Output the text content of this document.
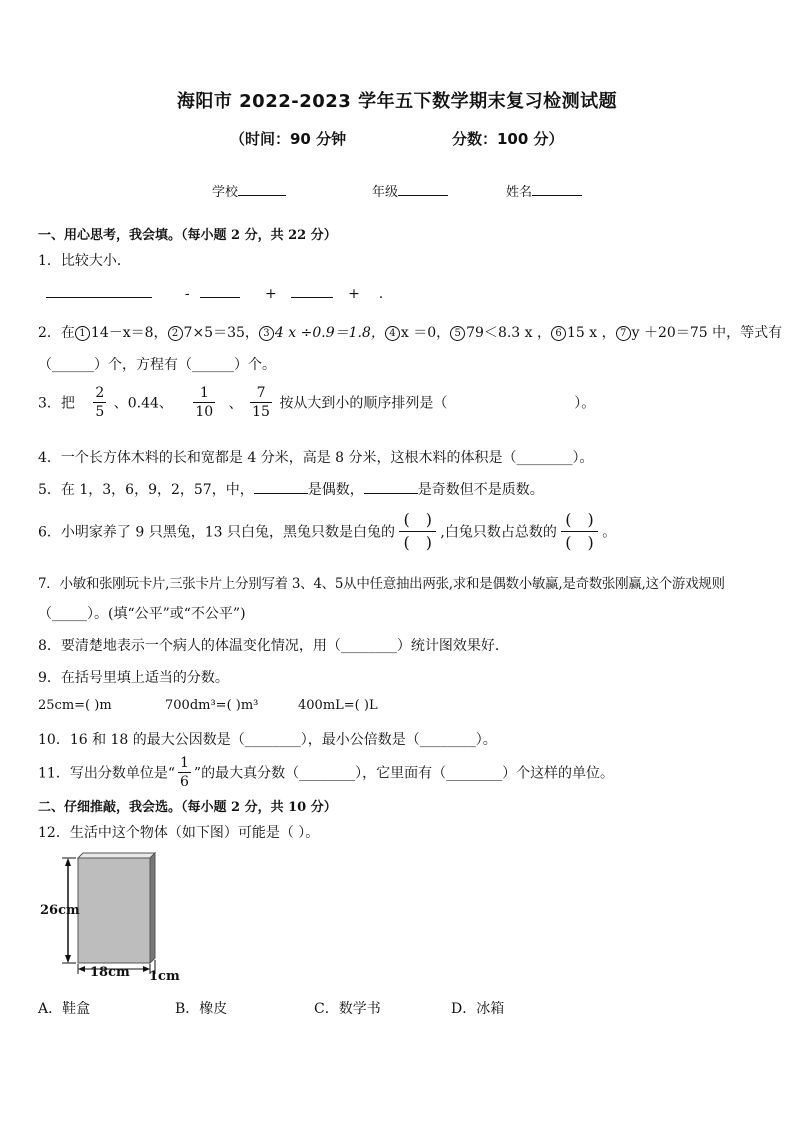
海阳市 2022-2023 学年五下数学期末复习检测试题
（时间：90 分钟	分数：100 分）
学校	年级	姓名
一、用心思考，我会填。（每小题 2 分，共 22 分）
1．比较大小．
-	+	+ .
2．在 1 14－x＝8， 2 7×5＝35， 3 4 x ÷0.9＝1.8， 4 x ＝0， 5 79＜8.3 x ， 6 15 x ， 7 y ＋20＝75 中，等式有
（______）个，方程有（______）个。
3．把 $\frac{2}{5}$ 、0.44、 $\frac{1}{10}$ 、 $\frac{7}{15}$ 按从大到小的顺序排列是（	）。
4．一个长方体木料的长和宽都是 4 分米，高是 8 分米，这根木料的体积是（________）。
5．在 1，3，6，9，2，57，中，	是偶数，	是奇数但不是质数。
6．小明家养了 9 只黑兔，13 只白兔，黑兔只数是白兔的 $\frac{( )}{( )}$ ,白兔只数占总数的 $\frac{( )}{( )}$ 。
7．小敏和张刚玩卡片,三张卡片上分别写着 3、4、5从中任意抽出两张,求和是偶数小敏赢,是奇数张刚赢,这个游戏规则
（_____）。(填“公平”或“不公平”)
8．要清楚地表示一个病人的体温变化情况，用（________）统计图效果好．
9．在括号里填上适当的分数。
25cm=( )m	700dm³=( )m³	400mL=( )L
10．16 和 18 的最大公因数是（________），最小公倍数是（________）。
11．写出分数单位是“ $\frac{1}{6}$ ”的最大真分数（________），它里面有（________）个这样的单位。
二、仔细推敲，我会选。（每小题 2 分，共 10 分）
12．生活中这个物体（如下图）可能是（ ）。
26cm
18cm 1cm
A．鞋盒	B．橡皮	C．数学书	D．冰箱
